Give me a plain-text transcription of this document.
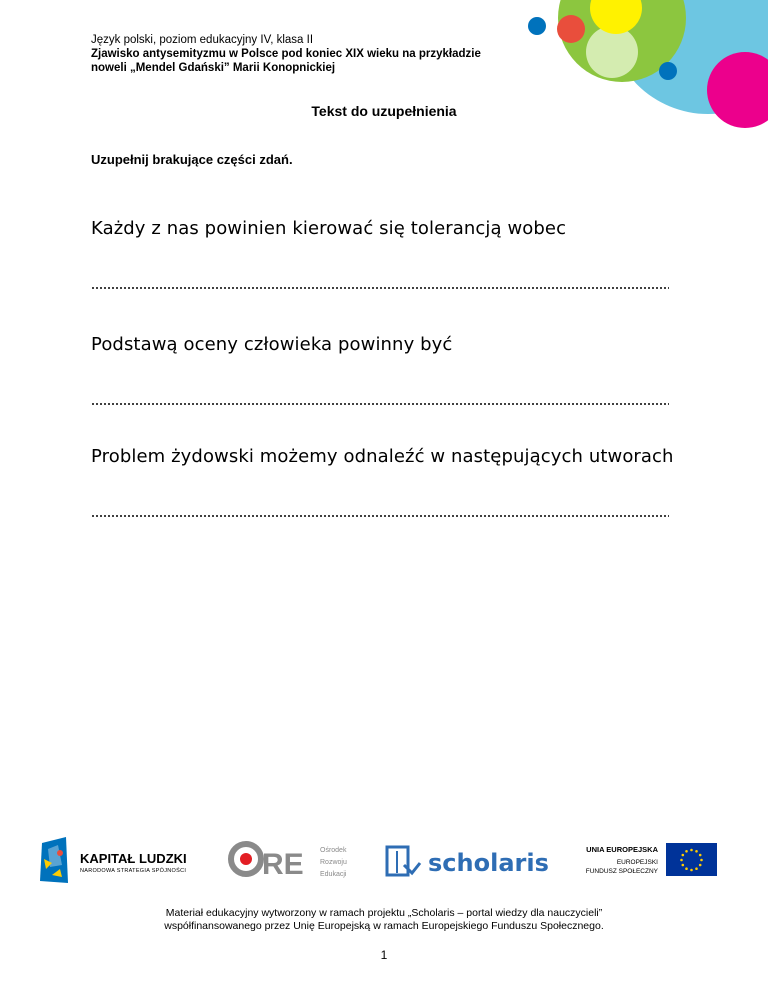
Język polski, poziom edukacyjny IV, klasa II
Zjawisko antysemityzmu w Polsce pod koniec XIX wieku na przykładzie
noweli „Mendel Gdański” Marii Konopnickiej
Tekst do uzupełnienia
Uzupełnij brakujące części zdań.
Każdy z nas powinien kierować się tolerancją wobec
Podstawą oceny człowieka powinny być
Problem żydowski możemy odnaleźć w następujących utworach
KAPITAŁ LUDZKI
NARODOWA STRATEGIA SPÓJNOŚCI	RE Ośrodek
Rozwoju
Edukacji	scholaris	UNIA EUROPEJSKA
EUROPEJSKI
FUNDUSZ SPOŁECZNY
Materiał edukacyjny wytworzony w ramach projektu „Scholaris – portal wiedzy dla nauczycieli”
współfinansowanego przez Unię Europejską w ramach Europejskiego Funduszu Społecznego.
1
